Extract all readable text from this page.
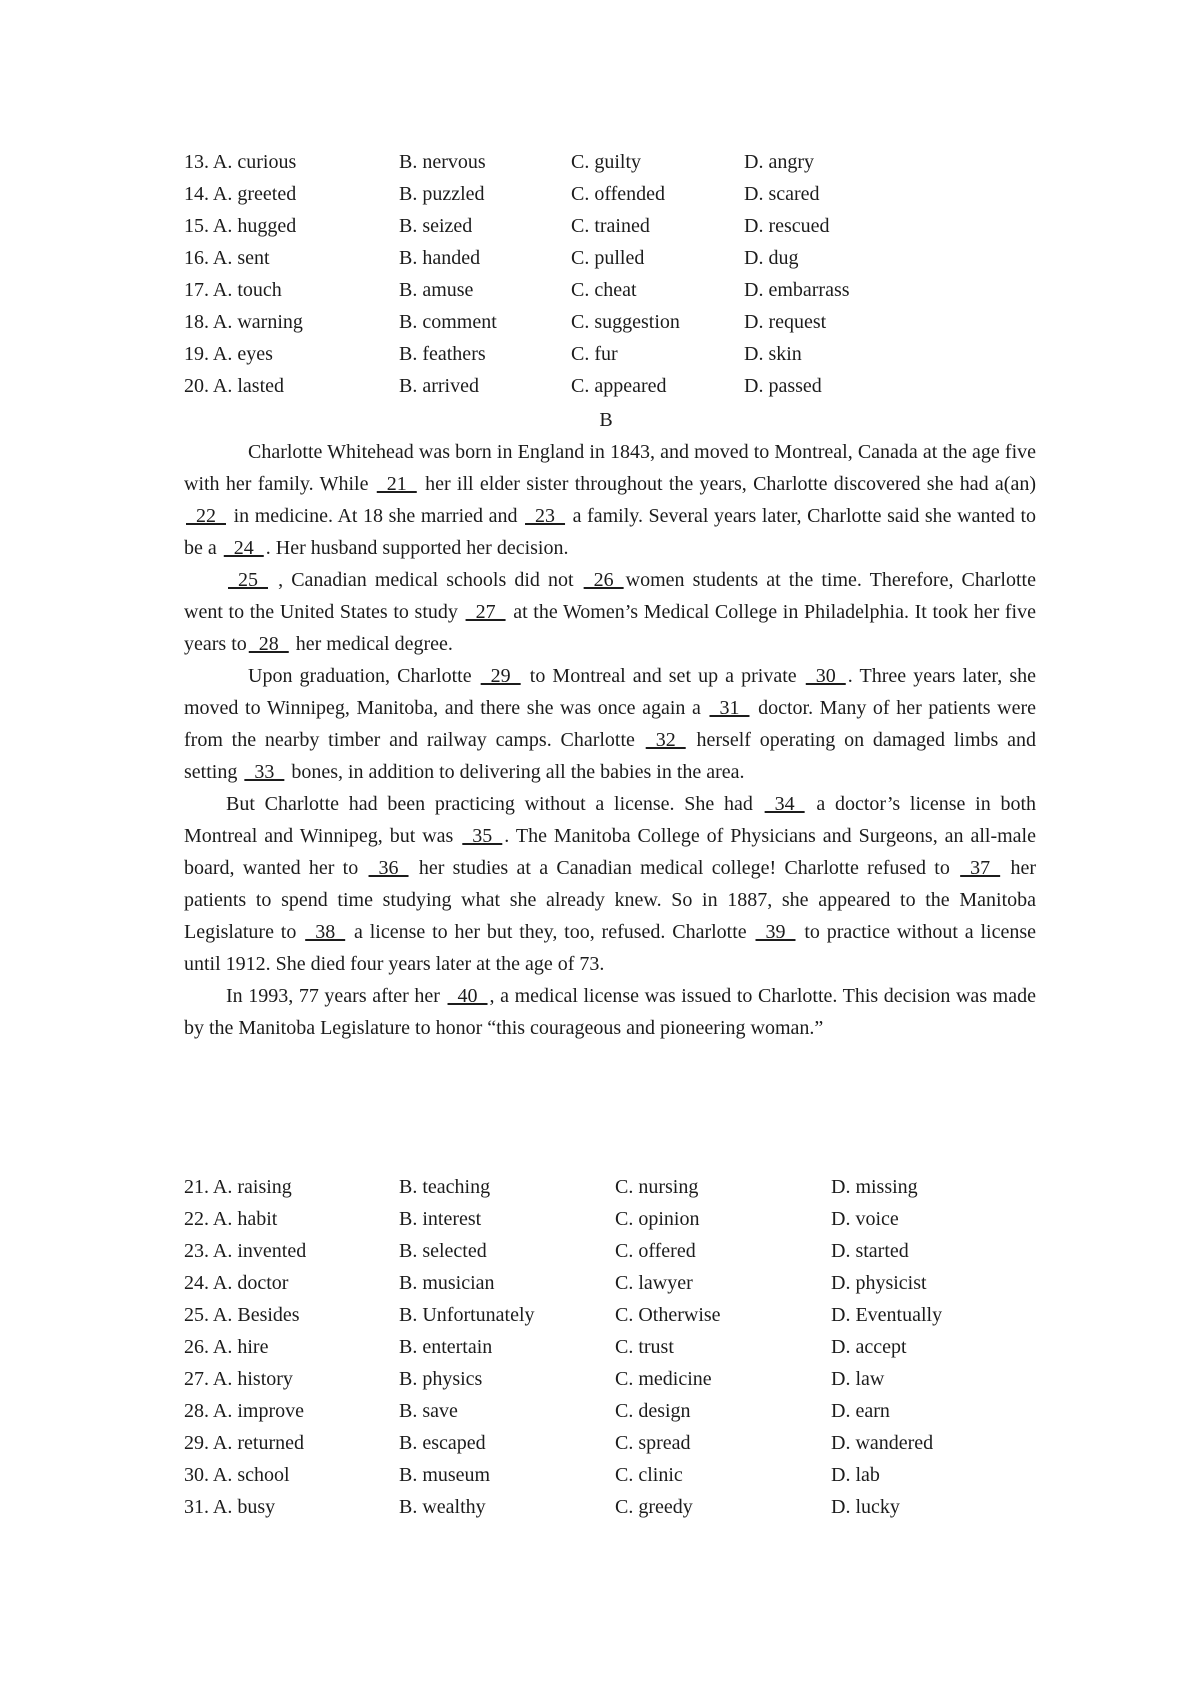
13. A. curious	B. nervous	C. guilty	D. angry
14. A. greeted	B. puzzled	C. offended	D. scared
15. A. hugged	B. seized	C. trained	D. rescued
16. A. sent	B. handed	C. pulled	D. dug
17. A. touch	B. amuse	C. cheat	D. embarrass
18. A. warning	B. comment	C. suggestion	D. request
19. A. eyes	B. feathers	C. fur	D. skin
20. A. lasted	B. arrived	C. appeared	D. passed
B

Charlotte Whitehead was born in England in 1843, and moved to Montreal, Canada at the age five with her family. While   21   her ill elder sister throughout the years, Charlotte discovered she had a(an)   22   in medicine. At 18 she married and   23   a family. Several years later, Charlotte said she wanted to be a   24  . Her husband supported her decision.

25   , Canadian medical schools did not   26  women students at the time. Therefore, Charlotte went to the United States to study   27   at the Women’s Medical College in Philadelphia. It took her five years to  28   her medical degree.

Upon graduation, Charlotte   29   to Montreal and set up a private   30  . Three years later, she moved to Winnipeg, Manitoba, and there she was once again a   31   doctor. Many of her patients were from the nearby timber and railway camps. Charlotte   32   herself operating on damaged limbs and setting   33   bones, in addition to delivering all the babies in the area.

But Charlotte had been practicing without a license. She had   34   a doctor’s license in both Montreal and Winnipeg, but was   35  . The Manitoba College of Physicians and Surgeons, an all-male board, wanted her to   36   her studies at a Canadian medical college! Charlotte refused to   37   her patients to spend time studying what she already knew. So in 1887, she appeared to the Manitoba Legislature to   38   a license to her but they, too, refused. Charlotte   39   to practice without a license until 1912. She died four years later at the age of 73.

In 1993, 77 years after her   40  , a medical license was issued to Charlotte. This decision was made by the Manitoba Legislature to honor “this courageous and pioneering woman.”

21. A. raising	B. teaching	C. nursing	D. missing
22. A. habit	B. interest	C. opinion	D. voice
23. A. invented	B. selected	C. offered	D. started
24. A. doctor	B. musician	C. lawyer	D. physicist
25. A. Besides	B. Unfortunately	C. Otherwise	D. Eventually
26. A. hire	B. entertain	C. trust	D. accept
27. A. history	B. physics	C. medicine	D. law
28. A. improve	B. save	C. design	D. earn
29. A. returned	B. escaped	C. spread	D. wandered
30. A. school	B. museum	C. clinic	D. lab
31. A. busy	B. wealthy	C. greedy	D. lucky
